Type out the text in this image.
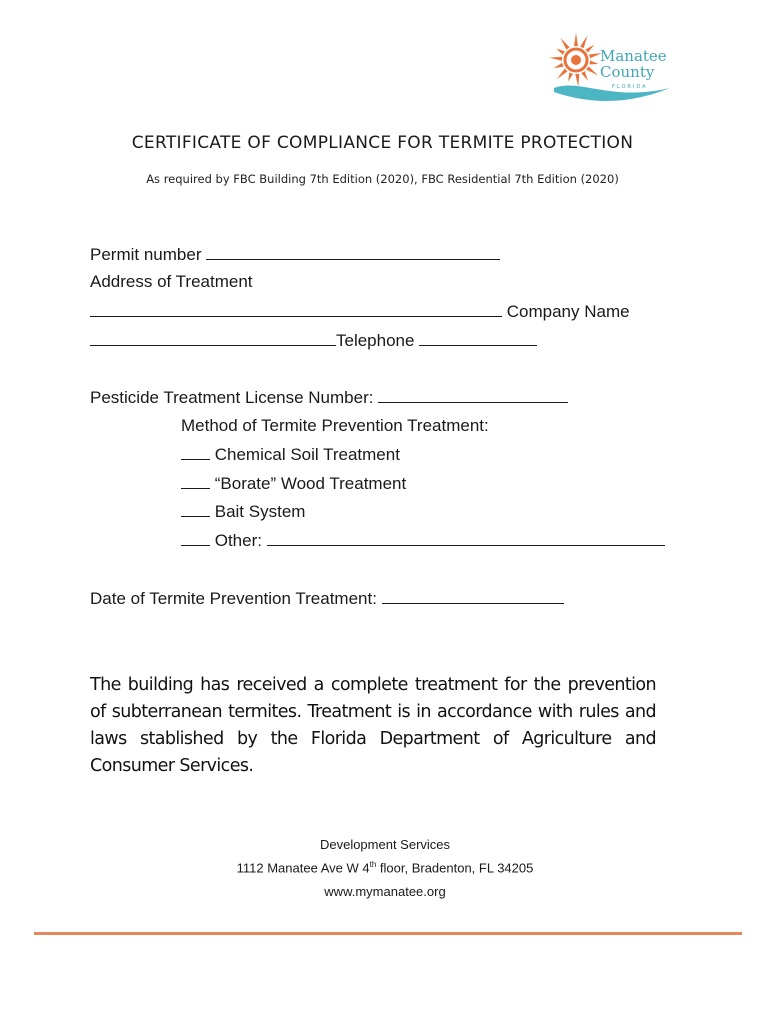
Manatee
County
FLORIDA
CERTIFICATE OF COMPLIANCE FOR TERMITE PROTECTION
As required by FBC Building 7th Edition (2020), FBC Residential 7th Edition (2020)
Permit number
Address of Treatment
Company Name
Telephone
Pesticide Treatment License Number:
Method of Termite Prevention Treatment:
Chemical Soil Treatment
“Borate” Wood Treatment
Bait System
Other:
Date of Termite Prevention Treatment:
The building has received a complete treatment for the prevention of subterranean termites. Treatment is in accordance with rules and laws stablished by the Florida Department of Agriculture and Consumer Services.
Development Services
1112 Manatee Ave W 4th floor, Bradenton, FL 34205
www.mymanatee.org
